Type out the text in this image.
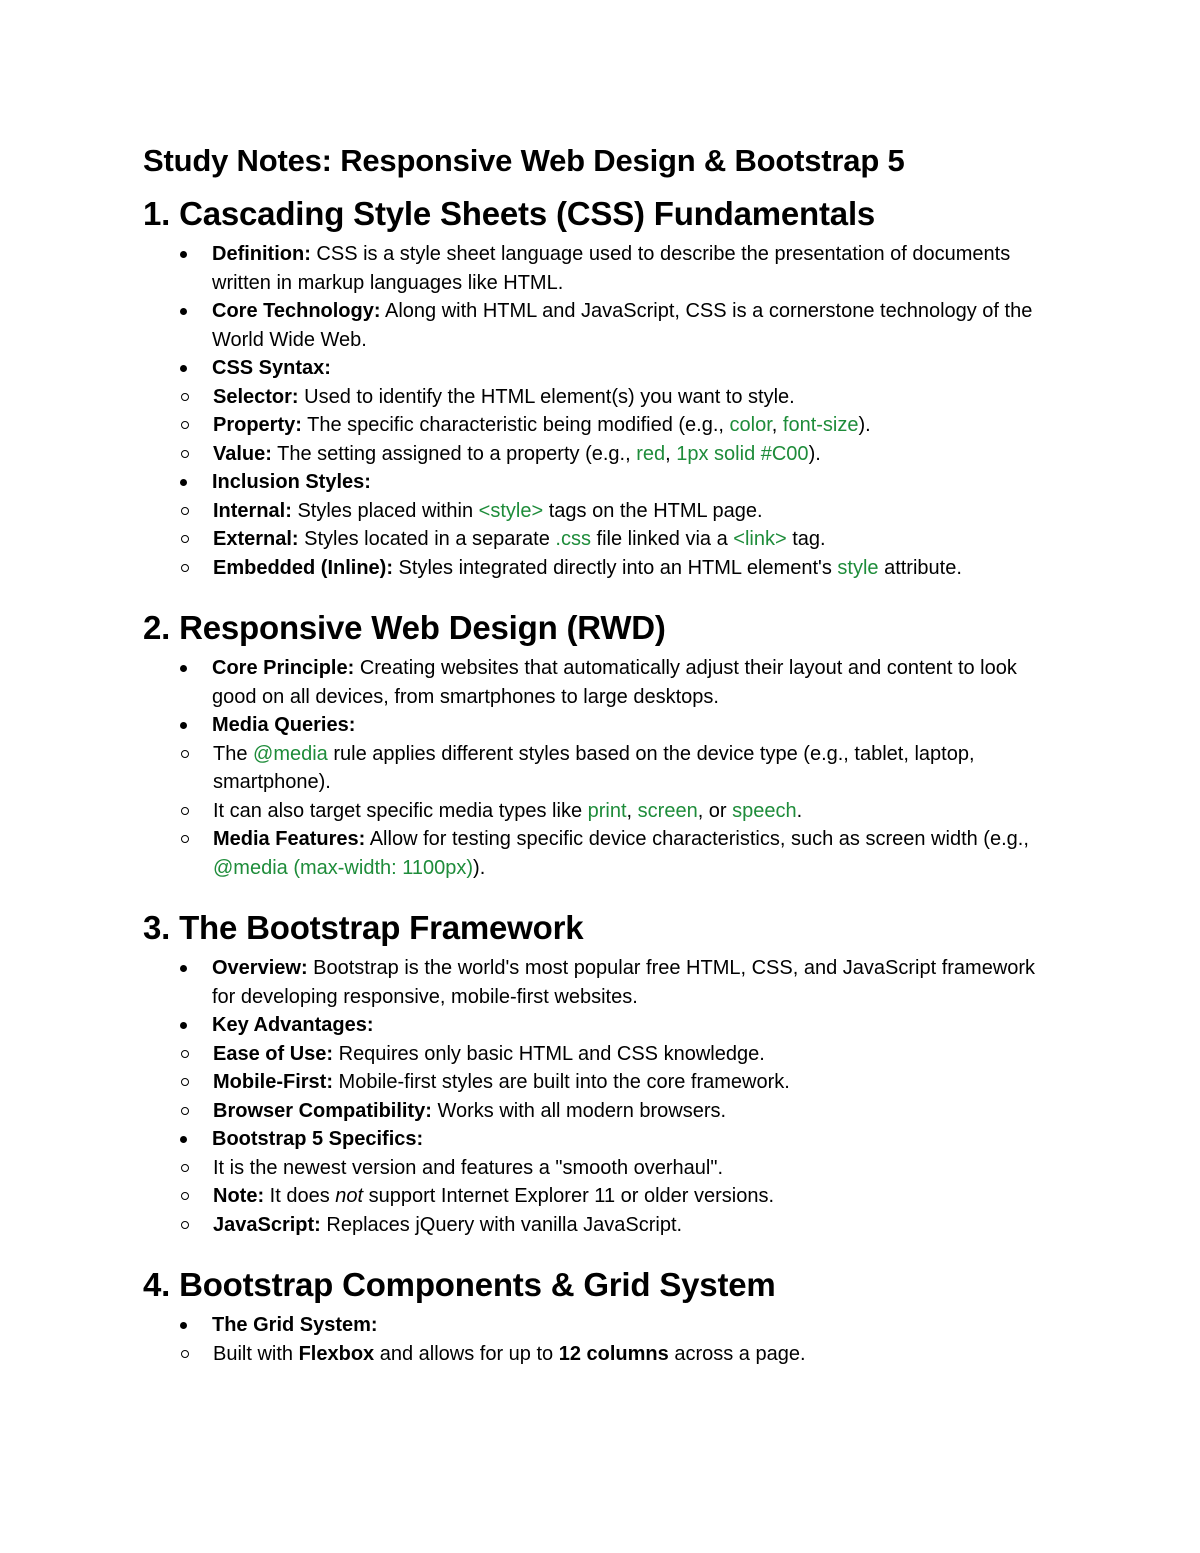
Study Notes: Responsive Web Design & Bootstrap 5
1. Cascading Style Sheets (CSS) Fundamentals
Definition: CSS is a style sheet language used to describe the presentation of documents written in markup languages like HTML.
Core Technology: Along with HTML and JavaScript, CSS is a cornerstone technology of the World Wide Web.
CSS Syntax:
Selector: Used to identify the HTML element(s) you want to style.
Property: The specific characteristic being modified (e.g., color, font-size).
Value: The setting assigned to a property (e.g., red, 1px solid #C00).
Inclusion Styles:
Internal: Styles placed within <style> tags on the HTML page.
External: Styles located in a separate .css file linked via a <link> tag.
Embedded (Inline): Styles integrated directly into an HTML element's style attribute.
2. Responsive Web Design (RWD)
Core Principle: Creating websites that automatically adjust their layout and content to look good on all devices, from smartphones to large desktops.
Media Queries:
The @media rule applies different styles based on the device type (e.g., tablet, laptop, smartphone).
It can also target specific media types like print, screen, or speech.
Media Features: Allow for testing specific device characteristics, such as screen width (e.g., @media (max-width: 1100px)).
3. The Bootstrap Framework
Overview: Bootstrap is the world's most popular free HTML, CSS, and JavaScript framework for developing responsive, mobile-first websites.
Key Advantages:
Ease of Use: Requires only basic HTML and CSS knowledge.
Mobile-First: Mobile-first styles are built into the core framework.
Browser Compatibility: Works with all modern browsers.
Bootstrap 5 Specifics:
It is the newest version and features a "smooth overhaul".
Note: It does not support Internet Explorer 11 or older versions.
JavaScript: Replaces jQuery with vanilla JavaScript.
4. Bootstrap Components & Grid System
The Grid System:
Built with Flexbox and allows for up to 12 columns across a page.
